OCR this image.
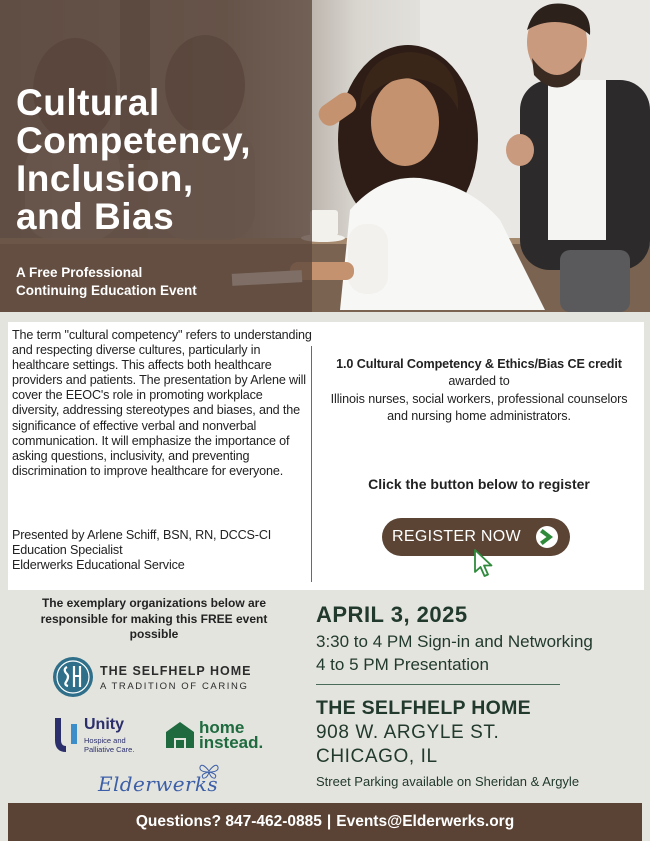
Cultural
Competency,
Inclusion,
and Bias
A Free Professional
Continuing Education Event

The term "cultural competency" refers to understanding and respecting diverse cultures, particularly in healthcare settings. This affects both healthcare providers and patients. The presentation by Arlene will cover the EEOC's role in promoting workplace diversity, addressing stereotypes and biases, and the significance of effective verbal and nonverbal communication. It will emphasize the importance of asking questions, inclusivity, and preventing discrimination to improve healthcare for everyone.

Presented by Arlene Schiff, BSN, RN, DCCS-CI
Education Specialist
Elderwerks Educational Service
1.0 Cultural Competency & Ethics/Bias CE credit
awarded to
Illinois nurses, social workers, professional counselors
and nursing home administrators.
Click the button below to register
REGISTER NOW
The exemplary organizations below are
responsible for making this FREE event
possible
THE SELFHELP HOME
A TRADITION OF CARING
Unity
Hospice and Palliative Care.
home
instead.
Elderwerks
APRIL 3, 2025
3:30 to 4 PM Sign-in and Networking
4 to 5 PM Presentation
THE SELFHELP HOME
908 W. ARGYLE ST.
CHICAGO, IL
Street Parking available on Sheridan & Argyle
Questions? 847-462-0885 | Events@Elderwerks.org
